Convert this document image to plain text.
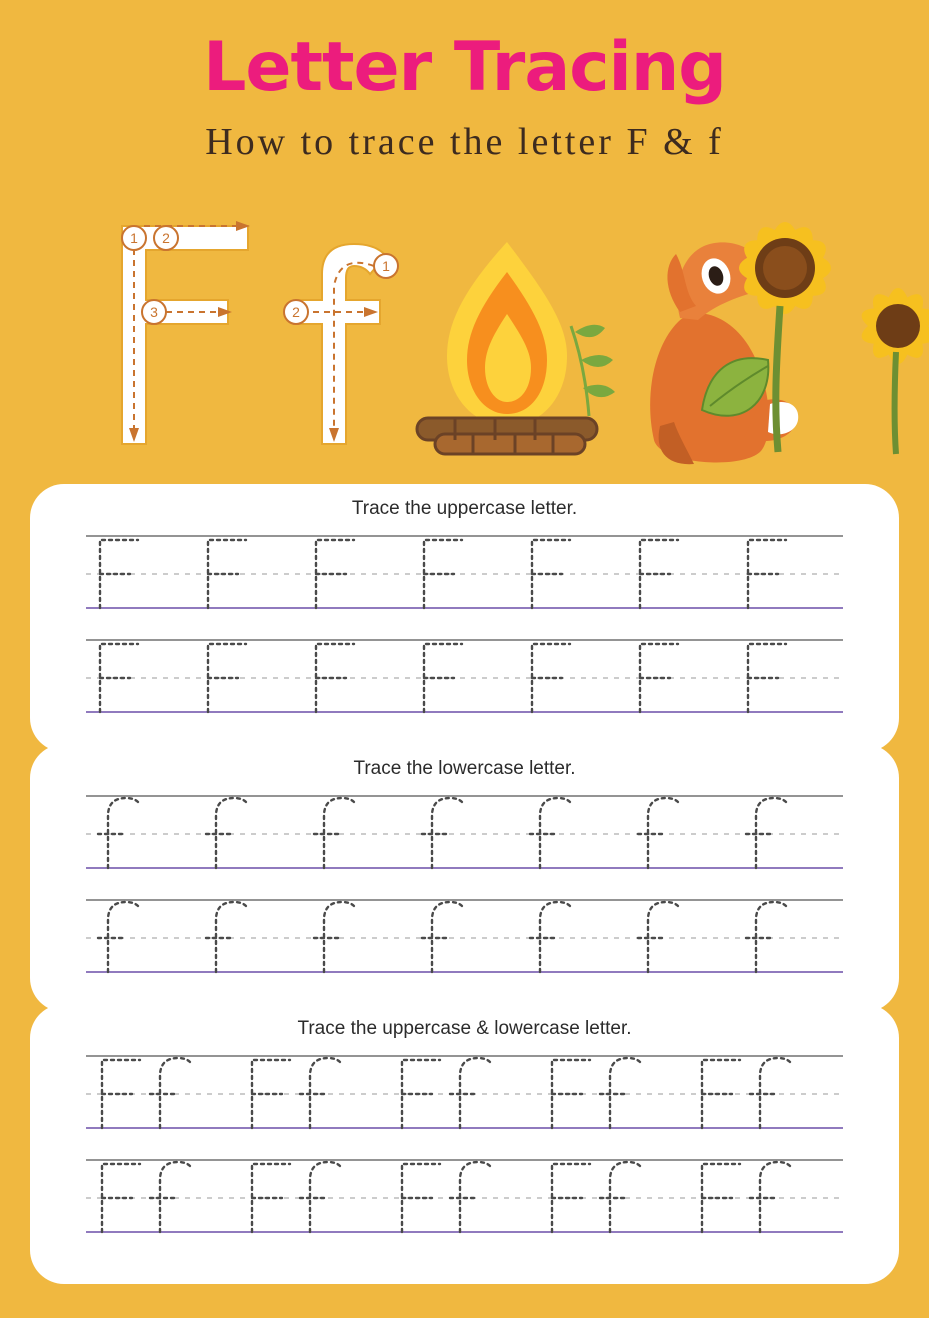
Letter Tracing
How to trace the letter F & f
1 2
3
1
2

Trace the uppercase letter.

Trace the lowercase letter.

Trace the uppercase & lowercase letter.
